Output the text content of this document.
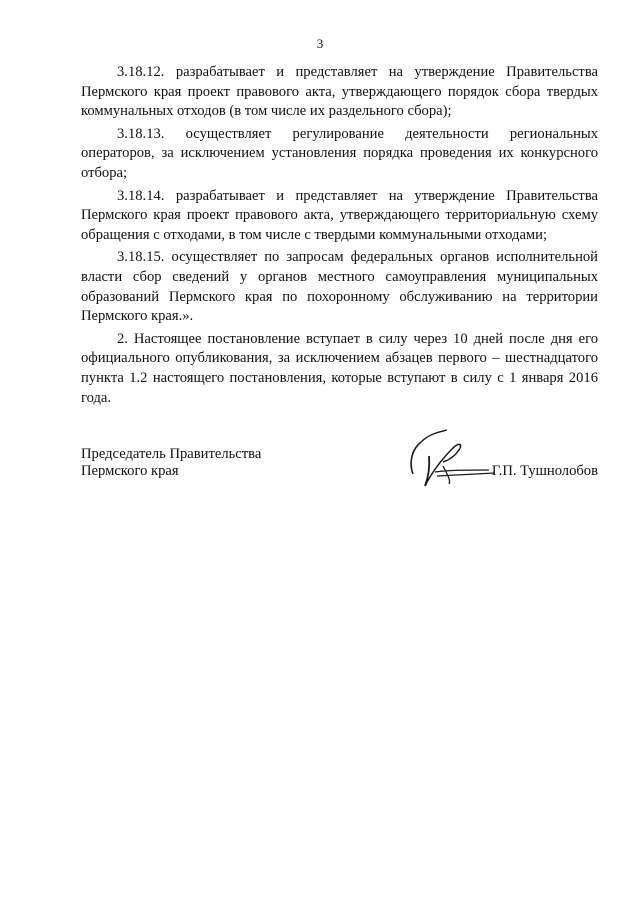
3

3.18.12. разрабатывает и представляет на утверждение Правительства Пермского края проект правового акта, утверждающего порядок сбора твердых коммунальных отходов (в том числе их раздельного сбора);

3.18.13. осуществляет регулирование деятельности региональных операторов, за исключением установления порядка проведения их конкурсного отбора;

3.18.14. разрабатывает и представляет на утверждение Правительства Пермского края проект правового акта, утверждающего территориальную схему обращения с отходами, в том числе с твердыми коммунальными отходами;

3.18.15. осуществляет по запросам федеральных органов исполнительной власти сбор сведений у органов местного самоуправления муниципальных образований Пермского края по похоронному обслуживанию на территории Пермского края.».

2. Настоящее постановление вступает в силу через 10 дней после дня его официального опубликования, за исключением абзацев первого – шестнадцатого пункта 1.2 настоящего постановления, которые вступают в силу с 1 января 2016 года.

Председатель Правительства
Пермского края	Г.П. Тушнолобов
